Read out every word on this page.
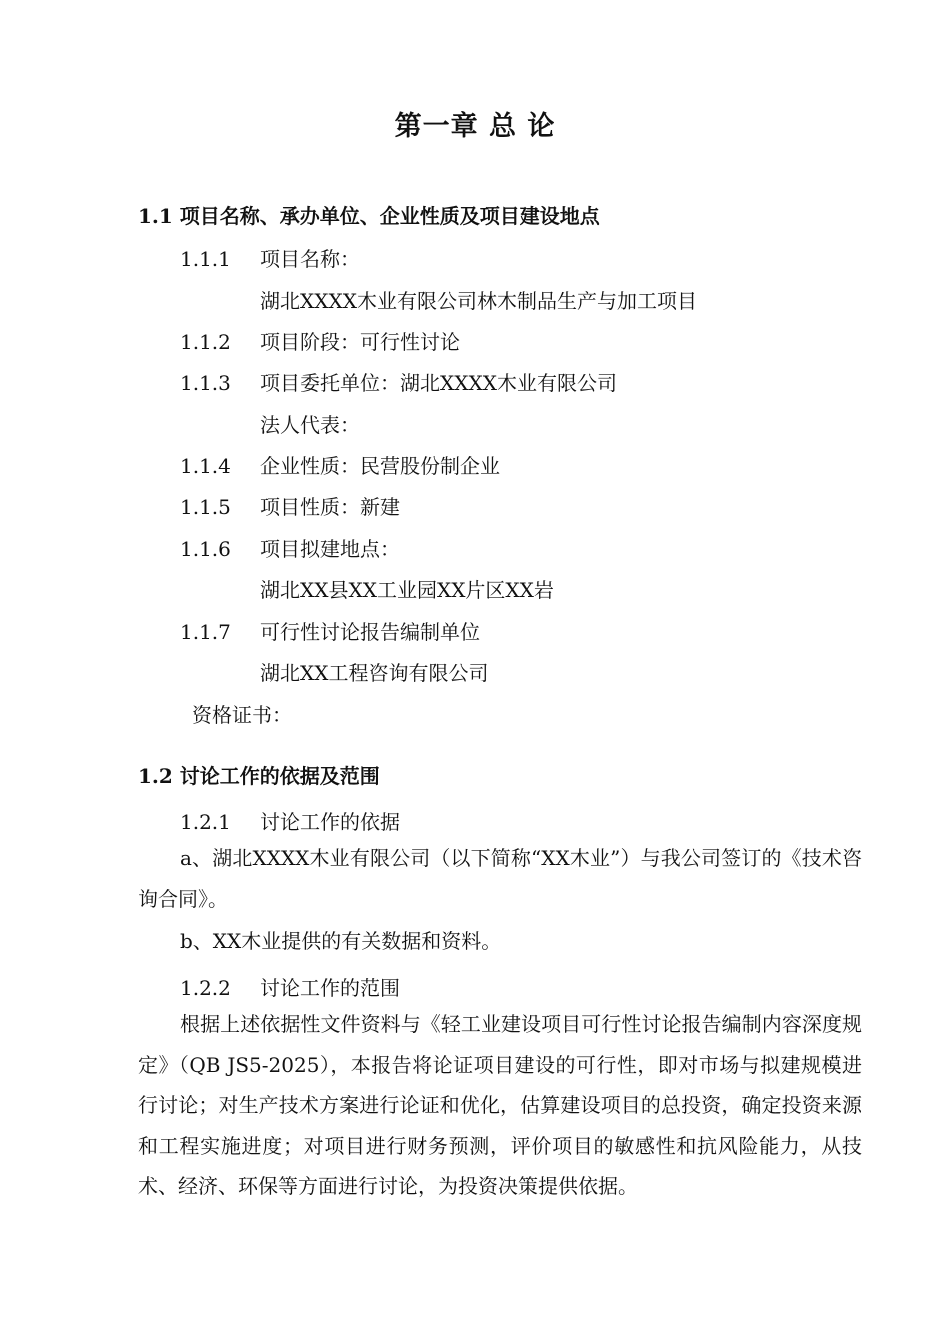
第一章 总 论
1.1 项目名称、承办单位、企业性质及项目建设地点
1.1.1 项目名称：
湖北XXXX木业有限公司林木制品生产与加工项目
1.1.2 项目阶段：可行性讨论
1.1.3 项目委托单位：湖北XXXX木业有限公司
法人代表：
1.1.4 企业性质：民营股份制企业
1.1.5 项目性质：新建
1.1.6 项目拟建地点：
湖北XX县XX工业园XX片区XX岩
1.1.7 可行性讨论报告编制单位
湖北XX工程咨询有限公司
资格证书：
1.2 讨论工作的依据及范围
1.2.1 讨论工作的依据
a、湖北XXXX木业有限公司（以下简称“XX木业”）与我公司签订的《技术咨询合同》。
b、XX木业提供的有关数据和资料。
1.2.2 讨论工作的范围
根据上述依据性文件资料与《轻工业建设项目可行性讨论报告编制内容深度规定》（QB JS5-2025），本报告将论证项目建设的可行性，即对市场与拟建规模进行讨论；对生产技术方案进行论证和优化，估算建设项目的总投资，确定投资来源和工程实施进度；对项目进行财务预测，评价项目的敏感性和抗风险能力，从技术、经济、环保等方面进行讨论，为投资决策提供依据。
